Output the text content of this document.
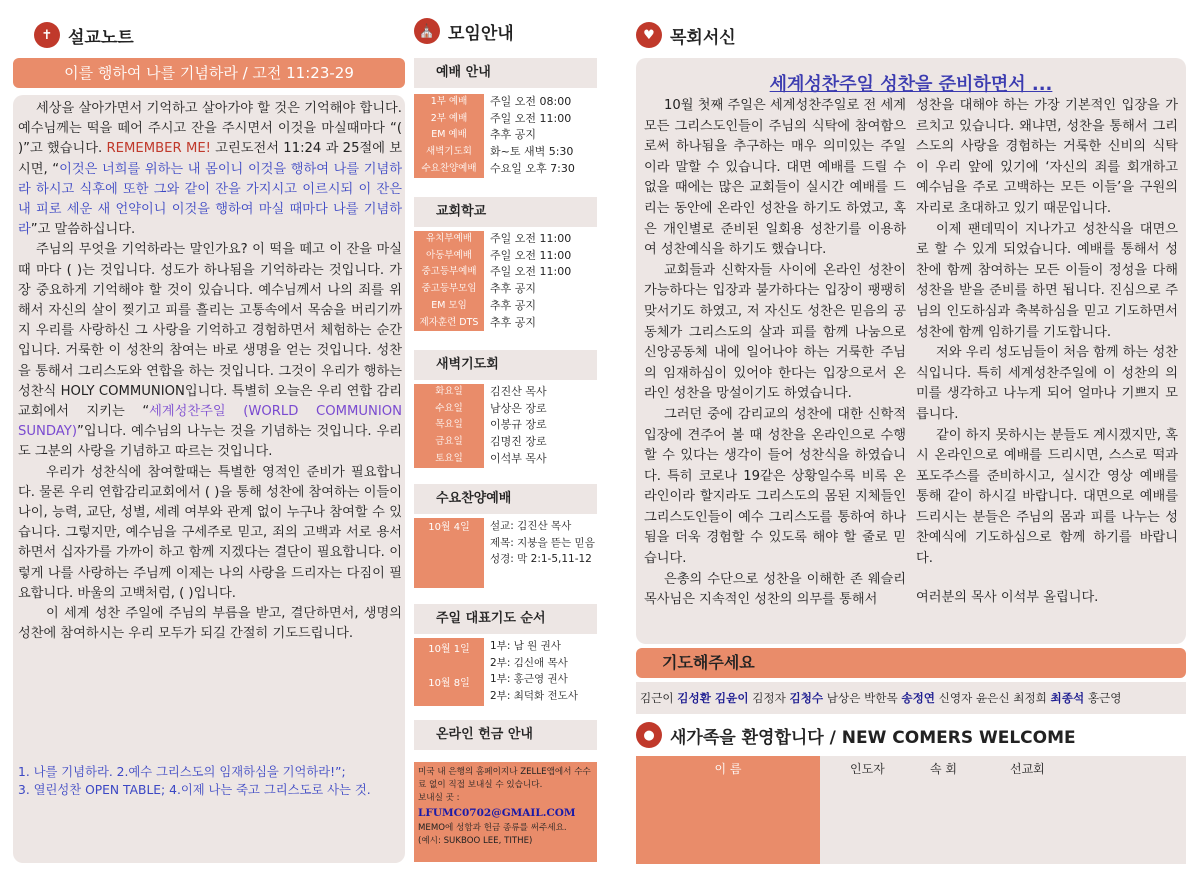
✝ 설교노트
이를 행하여 나를 기념하라 / 고전 11:23-29

세상을 살아가면서 기억하고 살아가야 할 것은 기억해야 합니다. 예수님께는 떡을 떼어 주시고 잔을 주시면서 이것을 마실때마다 “( )”고 했습니다. REMEMBER ME! 고린도전서 11:24 과 25절에 보시면, “이것은 너희를 위하는 내 몸이니 이것을 행하여 나를 기념하라 하시고 식후에 또한 그와 같이 잔을 가지시고 이르시되 이 잔은 내 피로 세운 새 언약이니 이것을 행하여 마실 때마다 나를 기념하라”고 말씀하십니다.

주님의 무엇을 기억하라는 말인가요? 이 떡을 떼고 이 잔을 마실때 마다 ( )는 것입니다. 성도가 하나됨을 기억하라는 것입니다. 가장 중요하게 기억해야 할 것이 있습니다. 예수님께서 나의 죄를 위해서 자신의 살이 찢기고 피를 흘리는 고통속에서 목숨을 버리기까지 우리를 사랑하신 그 사랑을 기억하고 경험하면서 체험하는 순간입니다. 거룩한 이 성찬의 참여는 바로 생명을 얻는 것입니다. 성찬을 통해서 그리스도와 연합을 하는 것입니다. 그것이 우리가 행하는 성찬식 HOLY COMMUNION입니다. 특별히 오늘은 우리 연합 감리교회에서 지키는 “세계성찬주일 (WORLD COMMUNION SUNDAY)”입니다. 예수님의 나누는 것을 기념하는 것입니다. 우리도 그분의 사랑을 기념하고 따르는 것입니다.

우리가 성찬식에 참여할때는 특별한 영적인 준비가 필요합니다. 물론 우리 연합감리교회에서 ( )을 통해 성찬에 참여하는 이들이 나이, 능력, 교단, 성별, 세례 여부와 관계 없이 누구나 참여할 수 있습니다. 그렇지만, 예수님을 구세주로 믿고, 죄의 고백과 서로 용서하면서 십자가를 가까이 하고 함께 지겠다는 결단이 필요합니다. 이렇게 나를 사랑하는 주님께 이제는 나의 사랑을 드리자는 다짐이 필요합니다. 바울의 고백처럼, ( )입니다.

이 세계 성찬 주일에 주님의 부름을 받고, 결단하면서, 생명의 성찬에 참여하시는 우리 모두가 되길 간절히 기도드립니다.

1. 나를 기념하라. 2.예수 그리스도의 임재하심을 기억하라!”;
3. 열린성찬 OPEN TABLE; 4.이제 나는 죽고 그리스도로 사는 것.
⛪ 모임안내
예배 안내
1부 예배	주일 오전 08:00
2부 예배	주일 오전 11:00
EM 예배	추후 공지
새벽기도회	화~토 새벽 5:30
수요찬양예배	수요일 오후 7:30
교회학교
유치부예배	주일 오전 11:00
아동부예배	주일 오전 11:00
중고등부예배	주일 오전 11:00
중고등부모임	추후 공지
EM 모임	추후 공지
제자훈련 DTS	추후 공지
새벽기도회
화요일	김진산 목사
수요일	남상은 장로
목요일	이봉규 장로
금요일	김명진 장로
토요일	이석부 목사
수요찬양예배
10월 4일	설교: 김진산 목사
제목: 지붕을 뜯는 믿음
성경: 막 2:1-5,11-12
주일 대표기도 순서
10월 1일	1부: 남 원 권사
2부: 김신애 목사
10월 8일	1부: 홍근영 권사
2부: 최덕화 전도사
온라인 헌금 안내
미국 내 은행의 홈페이지나 ZELLE앱에서 수수료 없이 직접 보내실 수 있습니다.
보내실 곳 :
LFUMC0702@GMAIL.COM
MEMO에 성함과 헌금 종류를 써주세요.
(예시: SUKBOO LEE, TITHE)
♥ 목회서신
세계성찬주일 성찬을 준비하면서 ...

10월 첫째 주일은 세계성찬주일로 전 세계 모든 그리스도인들이 주님의 식탁에 참여함으로써 하나됨을 추구하는 매우 의미있는 주일이라 말할 수 있습니다. 대면 예배를 드릴 수 없을 때에는 많은 교회들이 실시간 예배를 드리는 동안에 온라인 성찬을 하기도 하였고, 혹은 개인별로 준비된 일회용 성찬기를 이용하여 성찬예식을 하기도 했습니다.

교회들과 신학자들 사이에 온라인 성찬이 가능하다는 입장과 불가하다는 입장이 팽팽히 맞서기도 하였고, 저 자신도 성찬은 믿음의 공동체가 그리스도의 살과 피를 함께 나눔으로 신앙공동체 내에 일어나야 하는 거룩한 주님의 임재하심이 있어야 한다는 입장으로서 온라인 성찬을 망설이기도 하였습니다.

그러던 중에 감리교의 성찬에 대한 신학적 입장에 견주어 볼 때 성찬을 온라인으로 수행할 수 있다는 생각이 들어 성찬식을 하였습니다. 특히 코로나 19같은 상황일수록 비록 온라인이라 할지라도 그리스도의 몸된 지체들인 그리스도인들이 예수 그리스도를 통하여 하나됨을 더욱 경험할 수 있도록 해야 할 줄로 믿습니다.

은총의 수단으로 성찬을 이해한 존 웨슬리 목사님은 지속적인 성찬의 의무를 통해서

성찬을 대해야 하는 가장 기본적인 입장을 가르치고 있습니다. 왜냐면, 성찬을 통해서 그리스도의 사랑을 경험하는 거룩한 신비의 식탁이 우리 앞에 있기에 ‘자신의 죄를 회개하고 예수님을 주로 고백하는 모든 이들’을 구원의 자리로 초대하고 있기 때문입니다.

이제 팬데믹이 지나가고 성찬식을 대면으로 할 수 있게 되었습니다. 예배를 통해서 성찬에 함께 참여하는 모든 이들이 정성을 다해 성찬을 받을 준비를 하면 됩니다. 진심으로 주님의 인도하심과 축복하심을 믿고 기도하면서 성찬에 함께 임하기를 기도합니다.

저와 우리 성도님들이 처음 함께 하는 성찬식입니다. 특히 세계성찬주일에 이 성찬의 의미를 생각하고 나누게 되어 얼마나 기쁘지 모릅니다.

같이 하지 못하시는 분들도 계시겠지만, 혹시 온라인으로 예배를 드리시면, 스스로 떡과 포도주스를 준비하시고, 실시간 영상 예배를 통해 같이 하시길 바랍니다. 대면으로 예배를 드리시는 분들은 주님의 몸과 피를 나누는 성찬예식에 기도하심으로 함께 하기를 바랍니다.

여러분의 목사 이석부 올립니다.

기도해주세요
김근이 김성환 김윤이 김정자 김청수 남상은 박한목 송정연 신영자 윤은신 최정희 최종석 홍근영
● 새가족을 환영합니다 / NEW COMERS WELCOME
이 름	인도자	속 회	선교회
